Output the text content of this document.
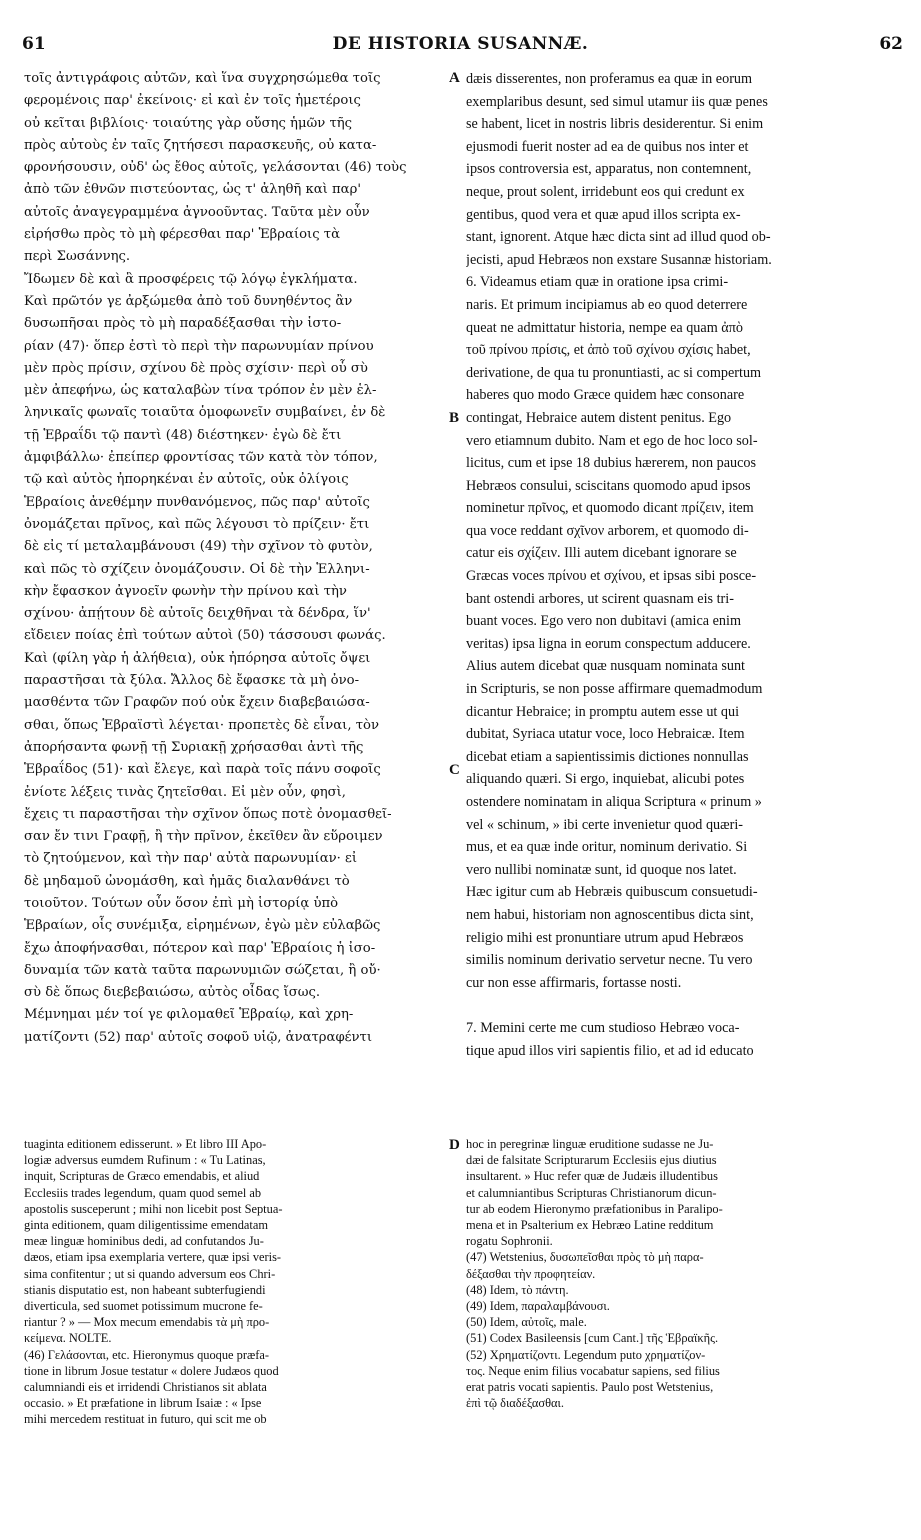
61	DE HISTORIA SUSANNÆ.	62
τοῖς ἀντιγράφοις αὐτῶν, καὶ ἵνα συγχρησώμεθα τοῖς
φερομένοις παρ' ἐκείνοις· εἰ καὶ ἐν τοῖς ἡμετέροις
οὐ κεῖται βιβλίοις· τοιαύτης γὰρ οὔσης ἡμῶν τῆς
πρὸς αὐτοὺς ἐν ταῖς ζητήσεσι παρασκευῆς, οὐ κατα-
φρονήσουσιν, οὐδ' ὡς ἔθος αὐτοῖς, γελάσονται (46) τοὺς
ἀπὸ τῶν ἐθνῶν πιστεύοντας, ὡς τ' ἀληθῆ καὶ παρ'
αὐτοῖς ἀναγεγραμμένα ἀγνοοῦντας. Ταῦτα μὲν οὖν
εἰρήσθω πρὸς τὸ μὴ φέρεσθαι παρ' Ἑβραίοις τὰ
περὶ Σωσάννης.
Ἴδωμεν δὲ καὶ ἃ προσφέρεις τῷ λόγῳ ἐγκλήματα.
Καὶ πρῶτόν γε ἀρξώμεθα ἀπὸ τοῦ δυνηθέντος ἂν
δυσωπῆσαι πρὸς τὸ μὴ παραδέξασθαι τὴν ἱστο-
ρίαν (47)· ὅπερ ἐστὶ τὸ περὶ τὴν παρωνυμίαν πρίνου
μὲν πρὸς πρίσιν, σχίνου δὲ πρὸς σχίσιν· περὶ οὗ σὺ
μὲν ἀπεφήνω, ὡς καταλαβὼν τίνα τρόπον ἐν μὲν ἑλ-
ληνικαῖς φωναῖς τοιαῦτα ὁμοφωνεῖν συμβαίνει, ἐν δὲ
τῇ Ἑβραΐδι τῷ παντὶ (48) διέστηκεν· ἐγὼ δὲ ἔτι
ἀμφιβάλλω· ἐπείπερ φροντίσας τῶν κατὰ τὸν τόπον,
τῷ καὶ αὐτὸς ἠπορηκέναι ἐν αὐτοῖς, οὐκ ὀλίγοις
Ἑβραίοις ἀνεθέμην πυνθανόμενος, πῶς παρ' αὐτοῖς
ὀνομάζεται πρῖνος, καὶ πῶς λέγουσι τὸ πρίζειν· ἔτι
δὲ εἰς τί μεταλαμβάνουσι (49) τὴν σχῖνον τὸ φυτὸν,
καὶ πῶς τὸ σχίζειν ὀνομάζουσιν. Οἱ δὲ τὴν Ἑλληνι-
κὴν ἔφασκον ἀγνοεῖν φωνὴν τὴν πρίνου καὶ τὴν
σχίνου· ἀπῄτουν δὲ αὐτοῖς δειχθῆναι τὰ δένδρα, ἵν'
εἴδειεν ποίας ἐπὶ τούτων αὐτοὶ (50) τάσσουσι φωνάς.
Καὶ (φίλη γὰρ ἡ ἀλήθεια), οὐκ ἠπόρησα αὐτοῖς ὄψει
παραστῆσαι τὰ ξύλα. Ἄλλος δὲ ἔφασκε τὰ μὴ ὀνο-
μασθέντα τῶν Γραφῶν πού οὐκ ἔχειν διαβεβαιώσα-
σθαι, ὅπως Ἑβραϊστὶ λέγεται· προπετὲς δὲ εἶναι, τὸν
ἀπορήσαντα φωνῇ τῇ Συριακῇ χρήσασθαι ἀντὶ τῆς
Ἑβραΐδος (51)· καὶ ἔλεγε, καὶ παρὰ τοῖς πάνυ σοφοῖς
ἐνίοτε λέξεις τινὰς ζητεῖσθαι. Εἰ μὲν οὖν, φησὶ,
ἔχεις τι παραστῆσαι τὴν σχῖνον ὅπως ποτὲ ὀνομασθεῖ-
σαν ἔν τινι Γραφῇ, ἢ τὴν πρῖνον, ἐκεῖθεν ἂν εὕροιμεν
τὸ ζητούμενον, καὶ τὴν παρ' αὐτὰ παρωνυμίαν· εἰ
δὲ μηδαμοῦ ὠνομάσθη, καὶ ἡμᾶς διαλανθάνει τὸ
τοιοῦτον. Τούτων οὖν ὅσον ἐπὶ μὴ ἱστορίᾳ ὑπὸ
Ἑβραίων, οἷς συνέμιξα, εἰρημένων, ἐγὼ μὲν εὐλαβῶς
ἔχω ἀποφήνασθαι, πότερον καὶ παρ' Ἑβραίοις ἡ ἰσο-
δυναμία τῶν κατὰ ταῦτα παρωνυμιῶν σώζεται, ἢ οὔ·
σὺ δὲ ὅπως διεβεβαιώσω, αὐτὸς οἶδας ἴσως.
Μέμνημαι μέν τοί γε φιλομαθεῖ Ἑβραίῳ, καὶ χρη-
ματίζοντι (52) παρ' αὐτοῖς σοφοῦ υἱῷ, ἀνατραφέντι
dæis disserentes, non proferamus ea quæ in eorum
exemplaribus desunt, sed simul utamur iis quæ penes
se habent, licet in nostris libris desiderentur. Si enim
ejusmodi fuerit noster ad ea de quibus nos inter et
ipsos controversia est, apparatus, non contemnent,
neque, prout solent, irridebunt eos qui credunt ex
gentibus, quod vera et quæ apud illos scripta ex-
stant, ignorent. Atque hæc dicta sint ad illud quod ob-
jecisti, apud Hebræos non exstare Susannæ historiam.
6. Videamus etiam quæ in oratione ipsa crimi-
naris. Et primum incipiamus ab eo quod deterrere
queat ne admittatur historia, nempe ea quam ἀπὸ
τοῦ πρίνου πρίσις, et ἀπὸ τοῦ σχίνου σχίσις habet,
derivatione, de qua tu pronuntiasti, ac si compertum
haberes quo modo Græce quidem hæc consonare
contingat, Hebraice autem distent penitus. Ego
vero etiamnum dubito. Nam et ego de hoc loco sol-
licitus, cum et ipse 18 dubius hærerem, non paucos
Hebræos consului, sciscitans quomodo apud ipsos
nominetur πρῖνος, et quomodo dicant πρίζειν, item
qua voce reddant σχῖνον arborem, et quomodo di-
catur eis σχίζειν. Illi autem dicebant ignorare se
Græcas voces πρίνου et σχίνου, et ipsas sibi posce-
bant ostendi arbores, ut scirent quasnam eis tri-
buant voces. Ego vero non dubitavi (amica enim
veritas) ipsa ligna in eorum conspectum adducere.
Alius autem dicebat quæ nusquam nominata sunt
in Scripturis, se non posse affirmare quemadmodum
dicantur Hebraice; in promptu autem esse ut qui
dubitat, Syriaca utatur voce, loco Hebraicæ. Item
dicebat etiam a sapientissimis dictiones nonnullas
aliquando quæri. Si ergo, inquiebat, alicubi potes
ostendere nominatam in aliqua Scriptura « prinum »
vel « schinum, » ibi certe invenietur quod quæri-
mus, et ea quæ inde oritur, nominum derivatio. Si
vero nullibi nominatæ sunt, id quoque nos latet.
Hæc igitur cum ab Hebræis quibuscum consuetudi-
nem habui, historiam non agnoscentibus dicta sint,
religio mihi est pronuntiare utrum apud Hebræos
similis nominum derivatio servetur necne. Tu vero
cur non esse affirmaris, fortasse nosti.

7. Memini certe me cum studioso Hebræo voca-
tique apud illos viri sapientis filio, et ad id educato
tuaginta editionem edisserunt. » Et libro III Apo-
logiæ adversus eumdem Rufinum : « Tu Latinas,
inquit, Scripturas de Græco emendabis, et aliud
Ecclesiis trades legendum, quam quod semel ab
apostolis susceperunt ; mihi non licebit post Septua-
ginta editionem, quam diligentissime emendatam
meæ linguæ hominibus dedi, ad confutandos Ju-
dæos, etiam ipsa exemplaria vertere, quæ ipsi veris-
sima confitentur ; ut si quando adversum eos Chri-
stianis disputatio est, non habeant subterfugiendi
diverticula, sed suomet potissimum mucrone fe-
riantur ? » — Mox mecum emendabis τὰ μὴ προ-
κείμενα. NOLTE.
(46) Γελάσονται, etc. Hieronymus quoque præfa-
tione in librum Josue testatur « dolere Judæos quod
calumniandi eis et irridendi Christianos sit ablata
occasio. » Et præfatione in librum Isaiæ : « Ipse
mihi mercedem restituat in futuro, qui scit me ob
hoc in peregrinæ linguæ eruditione sudasse ne Ju-
dæi de falsitate Scripturarum Ecclesiis ejus diutius
insultarent. » Huc refer quæ de Judæis illudentibus
et calumniantibus Scripturas Christianorum dicun-
tur ab eodem Hieronymo præfationibus in Paralipo-
mena et in Psalterium ex Hebræo Latine redditum
rogatu Sophronii.
(47) Wetstenius, δυσωπεῖσθαι πρὸς τὸ μὴ παρα-
δέξασθαι τὴν προφητείαν.
(48) Idem, τὸ πάντη.
(49) Idem, παραλαμβάνουσι.
(50) Idem, αὐτοῖς, male.
(51) Codex Basileensis [cum Cant.] τῆς Ἑβραϊκῆς.
(52) Χρηματίζοντι. Legendum puto χρηματίζον-
τος. Neque enim filius vocabatur sapiens, sed filius
erat patris vocati sapientis. Paulo post Wetstenius,
ἐπὶ τῷ διαδέξασθαι.
A
B
C
D
